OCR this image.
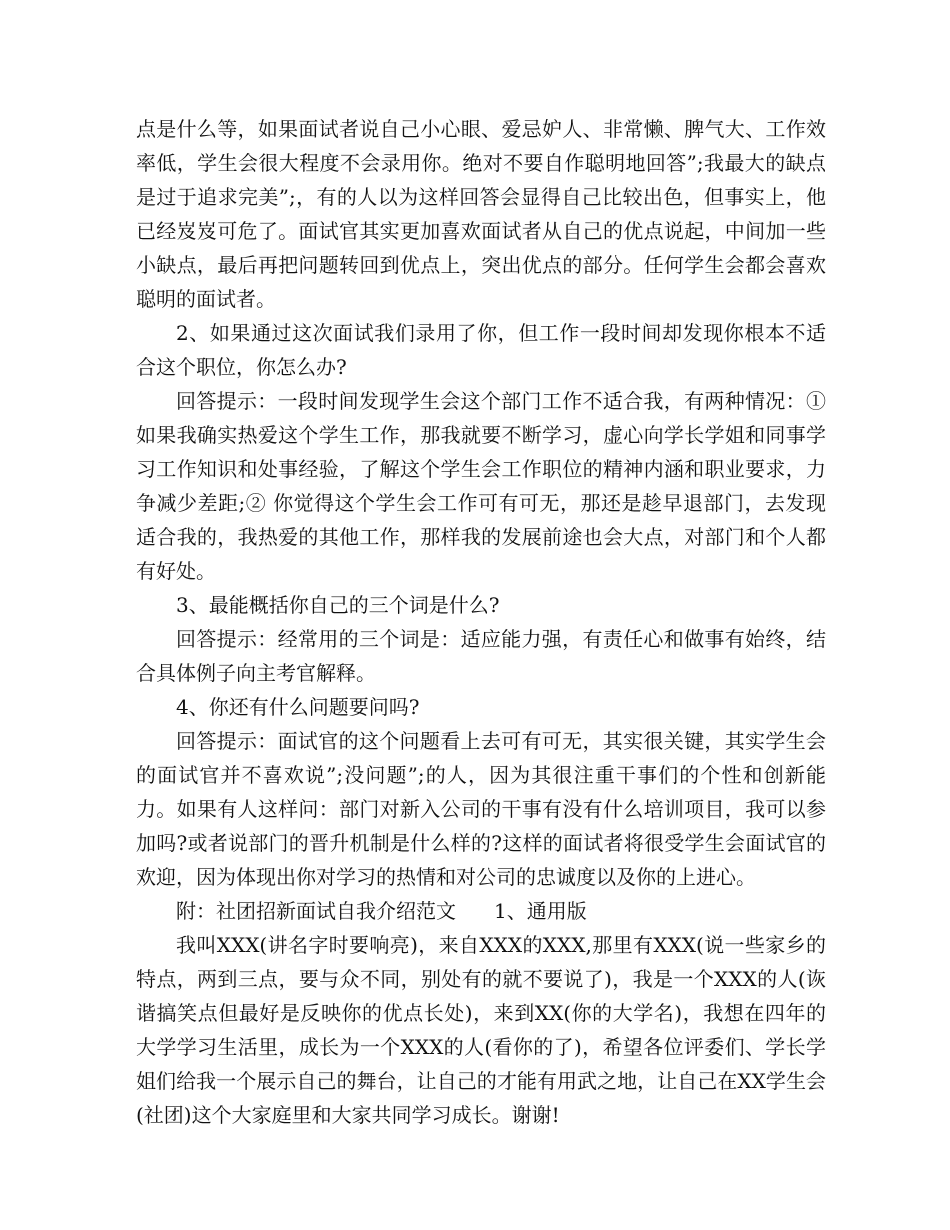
点是什么等，如果面试者说自己小心眼、爱忌妒人、非常懒、脾气大、工作效率低，学生会很大程度不会录用你。绝对不要自作聪明地回答”;我最大的缺点是过于追求完美”;，有的人以为这样回答会显得自己比较出色，但事实上，他已经岌岌可危了。面试官其实更加喜欢面试者从自己的优点说起，中间加一些小缺点，最后再把问题转回到优点上，突出优点的部分。任何学生会都会喜欢聪明的面试者。

2、如果通过这次面试我们录用了你，但工作一段时间却发现你根本不适合这个职位，你怎么办?

回答提示：一段时间发现学生会这个部门工作不适合我，有两种情况：①如果我确实热爱这个学生工作，那我就要不断学习，虚心向学长学姐和同事学习工作知识和处事经验，了解这个学生会工作职位的精神内涵和职业要求，力争减少差距;② 你觉得这个学生会工作可有可无，那还是趁早退部门，去发现适合我的，我热爱的其他工作，那样我的发展前途也会大点，对部门和个人都有好处。

3、最能概括你自己的三个词是什么?

回答提示：经常用的三个词是：适应能力强，有责任心和做事有始终，结合具体例子向主考官解释。

4、你还有什么问题要问吗?

回答提示：面试官的这个问题看上去可有可无，其实很关键，其实学生会的面试官并不喜欢说”;没问题”;的人，因为其很注重干事们的个性和创新能力。如果有人这样问：部门对新入公司的干事有没有什么培训项目，我可以参加吗?或者说部门的晋升机制是什么样的?这样的面试者将很受学生会面试官的欢迎，因为体现出你对学习的热情和对公司的忠诚度以及你的上进心。

附：社团招新面试自我介绍范文 1、通用版

我叫XXX(讲名字时要响亮)，来自XXX的XXX,那里有XXX(说一些家乡的特点，两到三点，要与众不同，别处有的就不要说了)，我是一个XXX的人(诙谐搞笑点但最好是反映你的优点长处)，来到XX(你的大学名)，我想在四年的大学学习生活里，成长为一个XXX的人(看你的了)，希望各位评委们、学长学姐们给我一个展示自己的舞台，让自己的才能有用武之地，让自己在XX学生会(社团)这个大家庭里和大家共同学习成长。谢谢!
